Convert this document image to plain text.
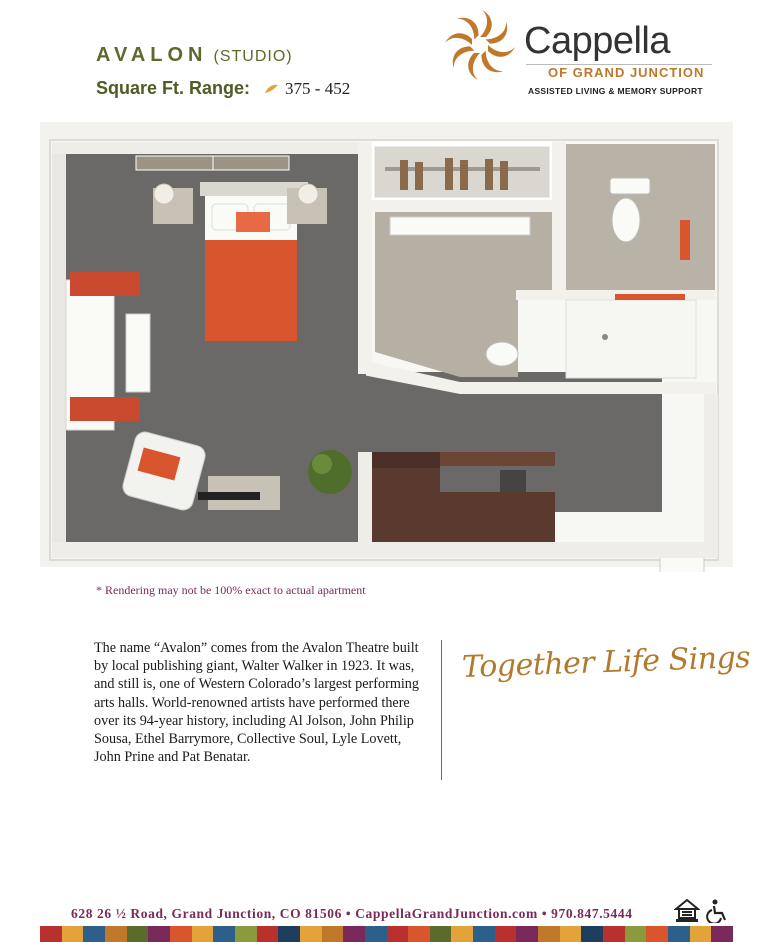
AVALON (STUDIO)
Square Ft. Range: 375 - 452
Cappella
OF GRAND JUNCTION
ASSISTED LIVING & MEMORY SUPPORT
* Rendering may not be 100% exact to actual apartment

The name “Avalon” comes from the Avalon Theatre built by local publishing giant, Walter Walker in 1923. It was, and still is, one of Western Colorado’s largest performing arts halls. World-renowned artists have performed there over its 94-year history, including Al Jolson, John Philip Sousa, Ethel Barrymore, Collective Soul, Lyle Lovett, John Prine and Pat Benatar.

Together Life Sings
628 26 ½ Road, Grand Junction, CO 81506 • CappellaGrandJunction.com • 970.847.5444
